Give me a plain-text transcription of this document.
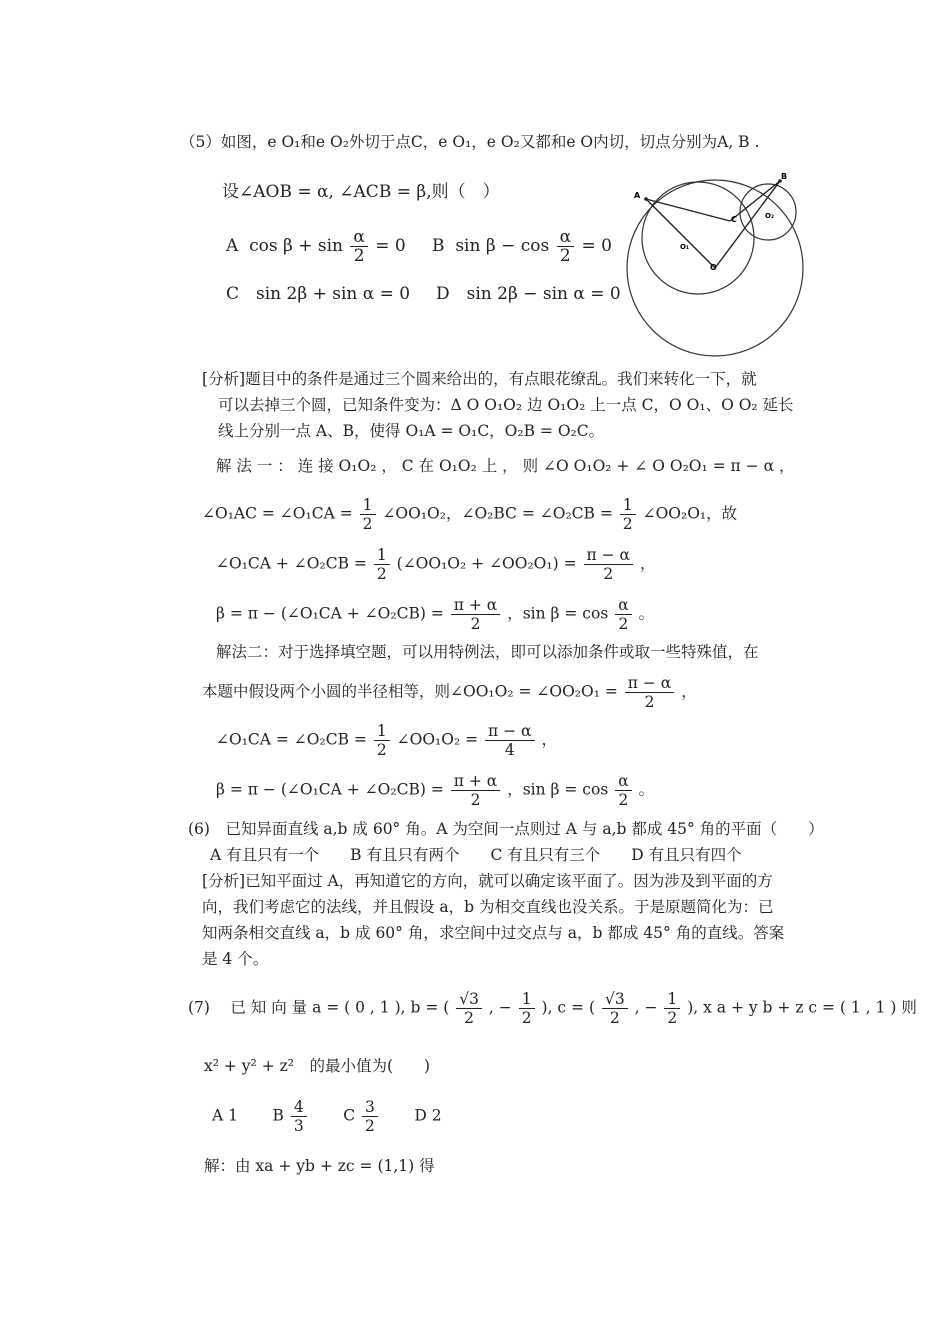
（5）如图，e O₁和e O₂外切于点C，e O₁，e O₂又都和e O内切，切点分别为A, B .
设∠AOB = α, ∠ACB = β,则（　）
A $\cos \beta + \sin \frac{\alpha}{2} = 0$ B $\sin \beta - \cos \frac{\alpha}{2} = 0$
C　sin 2β + sin α = 0 D　sin 2β − sin α = 0
A
B
C
O
O₁
O₂
[分析]题目中的条件是通过三个圆来给出的，有点眼花缭乱。我们来转化一下，就
可以去掉三个圆，已知条件变为：Δ O O₁O₂ 边 O₁O₂ 上一点 C，O O₁、O O₂ 延长
线上分别一点 A、B，使得 O₁A = O₁C，O₂B = O₂C。
解 法 一 ： 连 接 O₁O₂ ， C 在 O₁O₂ 上 ， 则 ∠O O₁O₂ + ∠ O O₂O₁ = π − α ，
∠O₁AC = ∠O₁CA = $\frac{1}{2}$ ∠OO₁O₂，∠O₂BC = ∠O₂CB = $\frac{1}{2}$ ∠OO₂O₁，故
∠O₁CA + ∠O₂CB = $\frac{1}{2}$ (∠OO₁O₂ + ∠OO₂O₁) = $\frac{\pi - \alpha}{2}$ ，
β = π − (∠O₁CA + ∠O₂CB) = $\frac{\pi + \alpha}{2}$ ，$\sin \beta = \cos \frac{\alpha}{2}$ 。
解法二：对于选择填空题，可以用特例法，即可以添加条件或取一些特殊值，在
本题中假设两个小圆的半径相等，则∠OO₁O₂ = ∠OO₂O₁ = $\frac{\pi - \alpha}{2}$ ，
∠O₁CA = ∠O₂CB = $\frac{1}{2}$ ∠OO₁O₂ = $\frac{\pi - \alpha}{4}$ ，
β = π − (∠O₁CA + ∠O₂CB) = $\frac{\pi + \alpha}{2}$ ，$\sin \beta = \cos \frac{\alpha}{2}$ 。
(6)　已知异面直线 a,b 成 60° 角。A 为空间一点则过 A 与 a,b 都成 45° 角的平面（　　）
A 有且只有一个　　B 有且只有两个　　C 有且只有三个　　D 有且只有四个
[分析]已知平面过 A，再知道它的方向，就可以确定该平面了。因为涉及到平面的方
向，我们考虑它的法线，并且假设 a，b 为相交直线也没关系。于是原题简化为：已
知两条相交直线 a，b 成 60° 角，求空间中过交点与 a，b 都成 45° 角的直线。答案
是 4 个。
(7)　 已 知 向 量 a = ( 0 , 1 ), b = ( $\frac{√3}{2}$ , − $\frac{1}{2}$ ), c = ( $\frac{√3}{2}$ , − $\frac{1}{2}$ ), x a + y b + z c = ( 1 , 1 ) 则
x² + y² + z²　的最小值为(　　)
A 1 B $\frac{4}{3}$ C $\frac{3}{2}$ D 2
解：由 xa + yb + zc = (1,1) 得
